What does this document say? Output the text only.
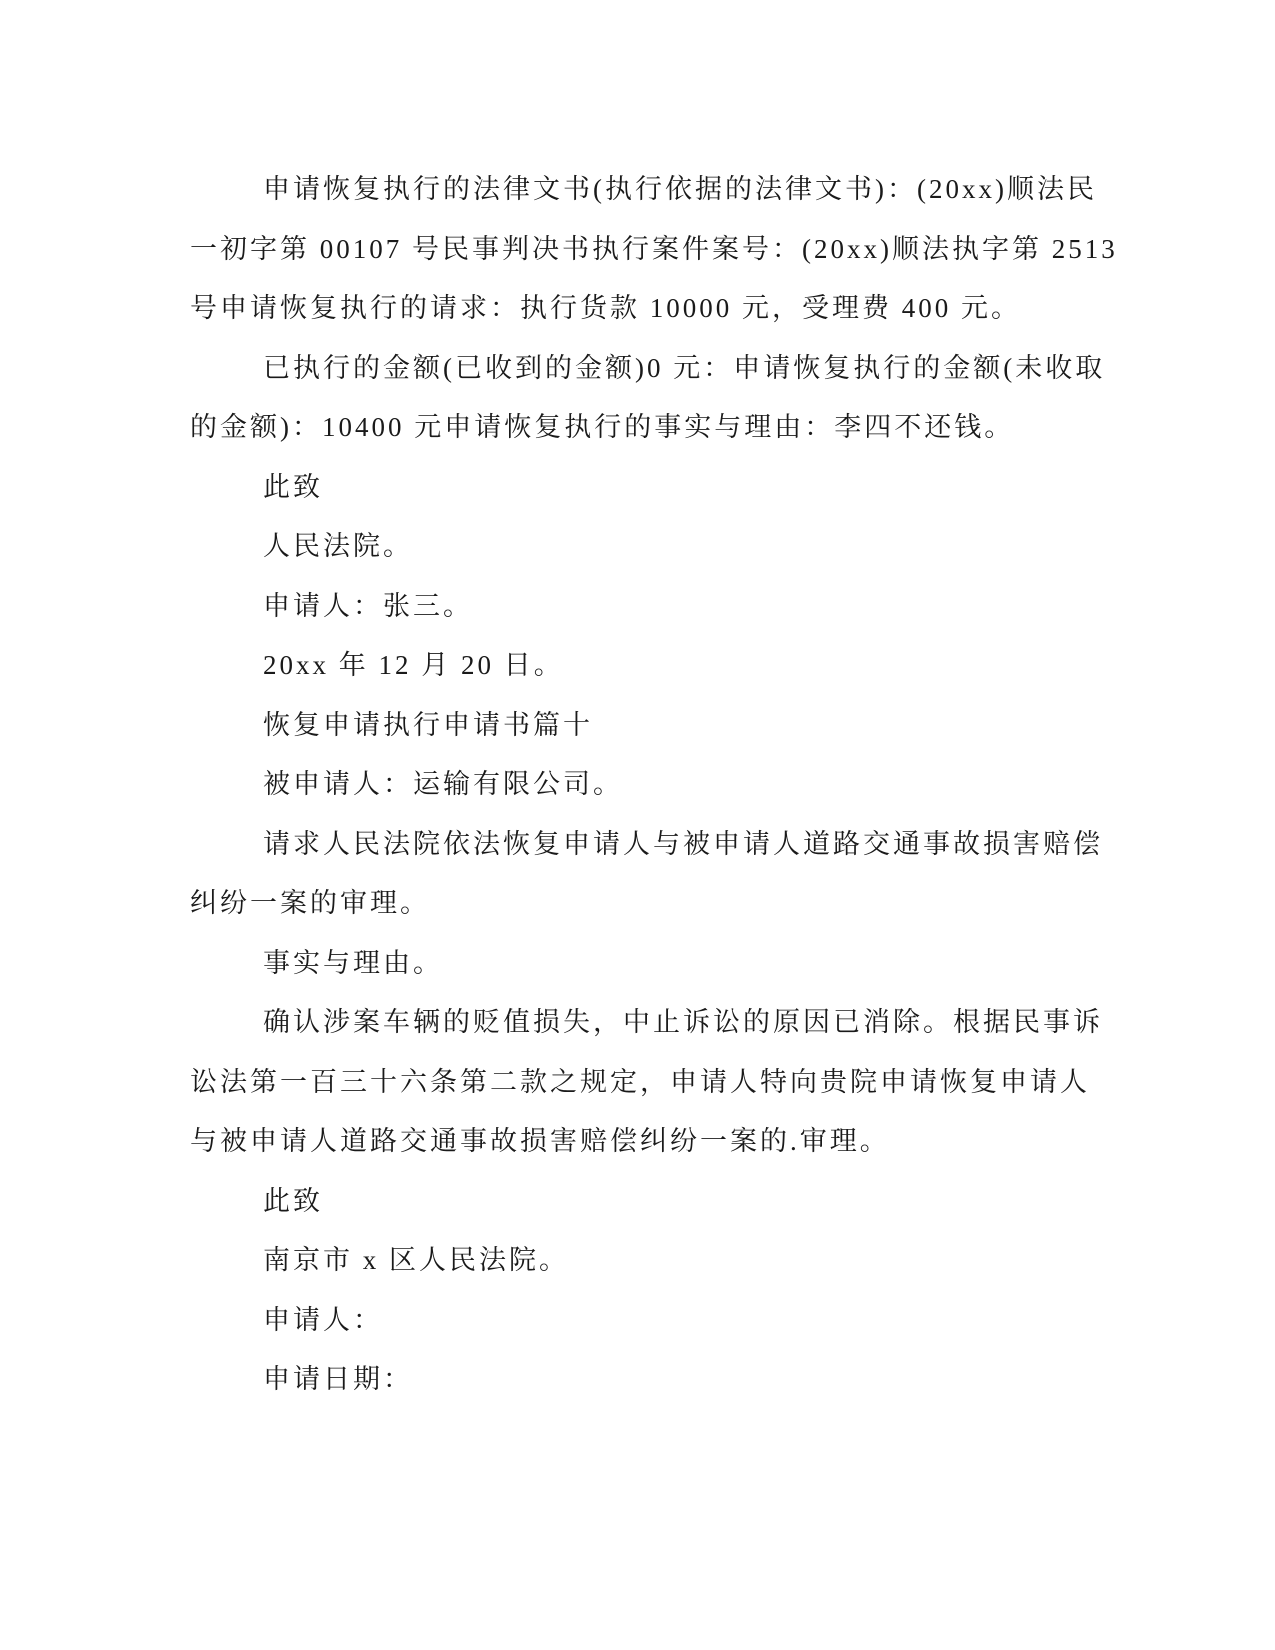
申请恢复执行的法律文书(执行依据的法律文书)：(20xx)顺法民
一初字第 00107 号民事判决书执行案件案号：(20xx)顺法执字第 2513
号申请恢复执行的请求：执行货款 10000 元，受理费 400 元。
已执行的金额(已收到的金额)0 元：申请恢复执行的金额(未收取
的金额)：10400 元申请恢复执行的事实与理由：李四不还钱。
此致
人民法院。
申请人：张三。
20xx 年 12 月 20 日。
恢复申请执行申请书篇十
被申请人：运输有限公司。
请求人民法院依法恢复申请人与被申请人道路交通事故损害赔偿
纠纷一案的审理。
事实与理由。
确认涉案车辆的贬值损失，中止诉讼的原因已消除。根据民事诉
讼法第一百三十六条第二款之规定，申请人特向贵院申请恢复申请人
与被申请人道路交通事故损害赔偿纠纷一案的.审理。
此致
南京市 x 区人民法院。
申请人：
申请日期：
